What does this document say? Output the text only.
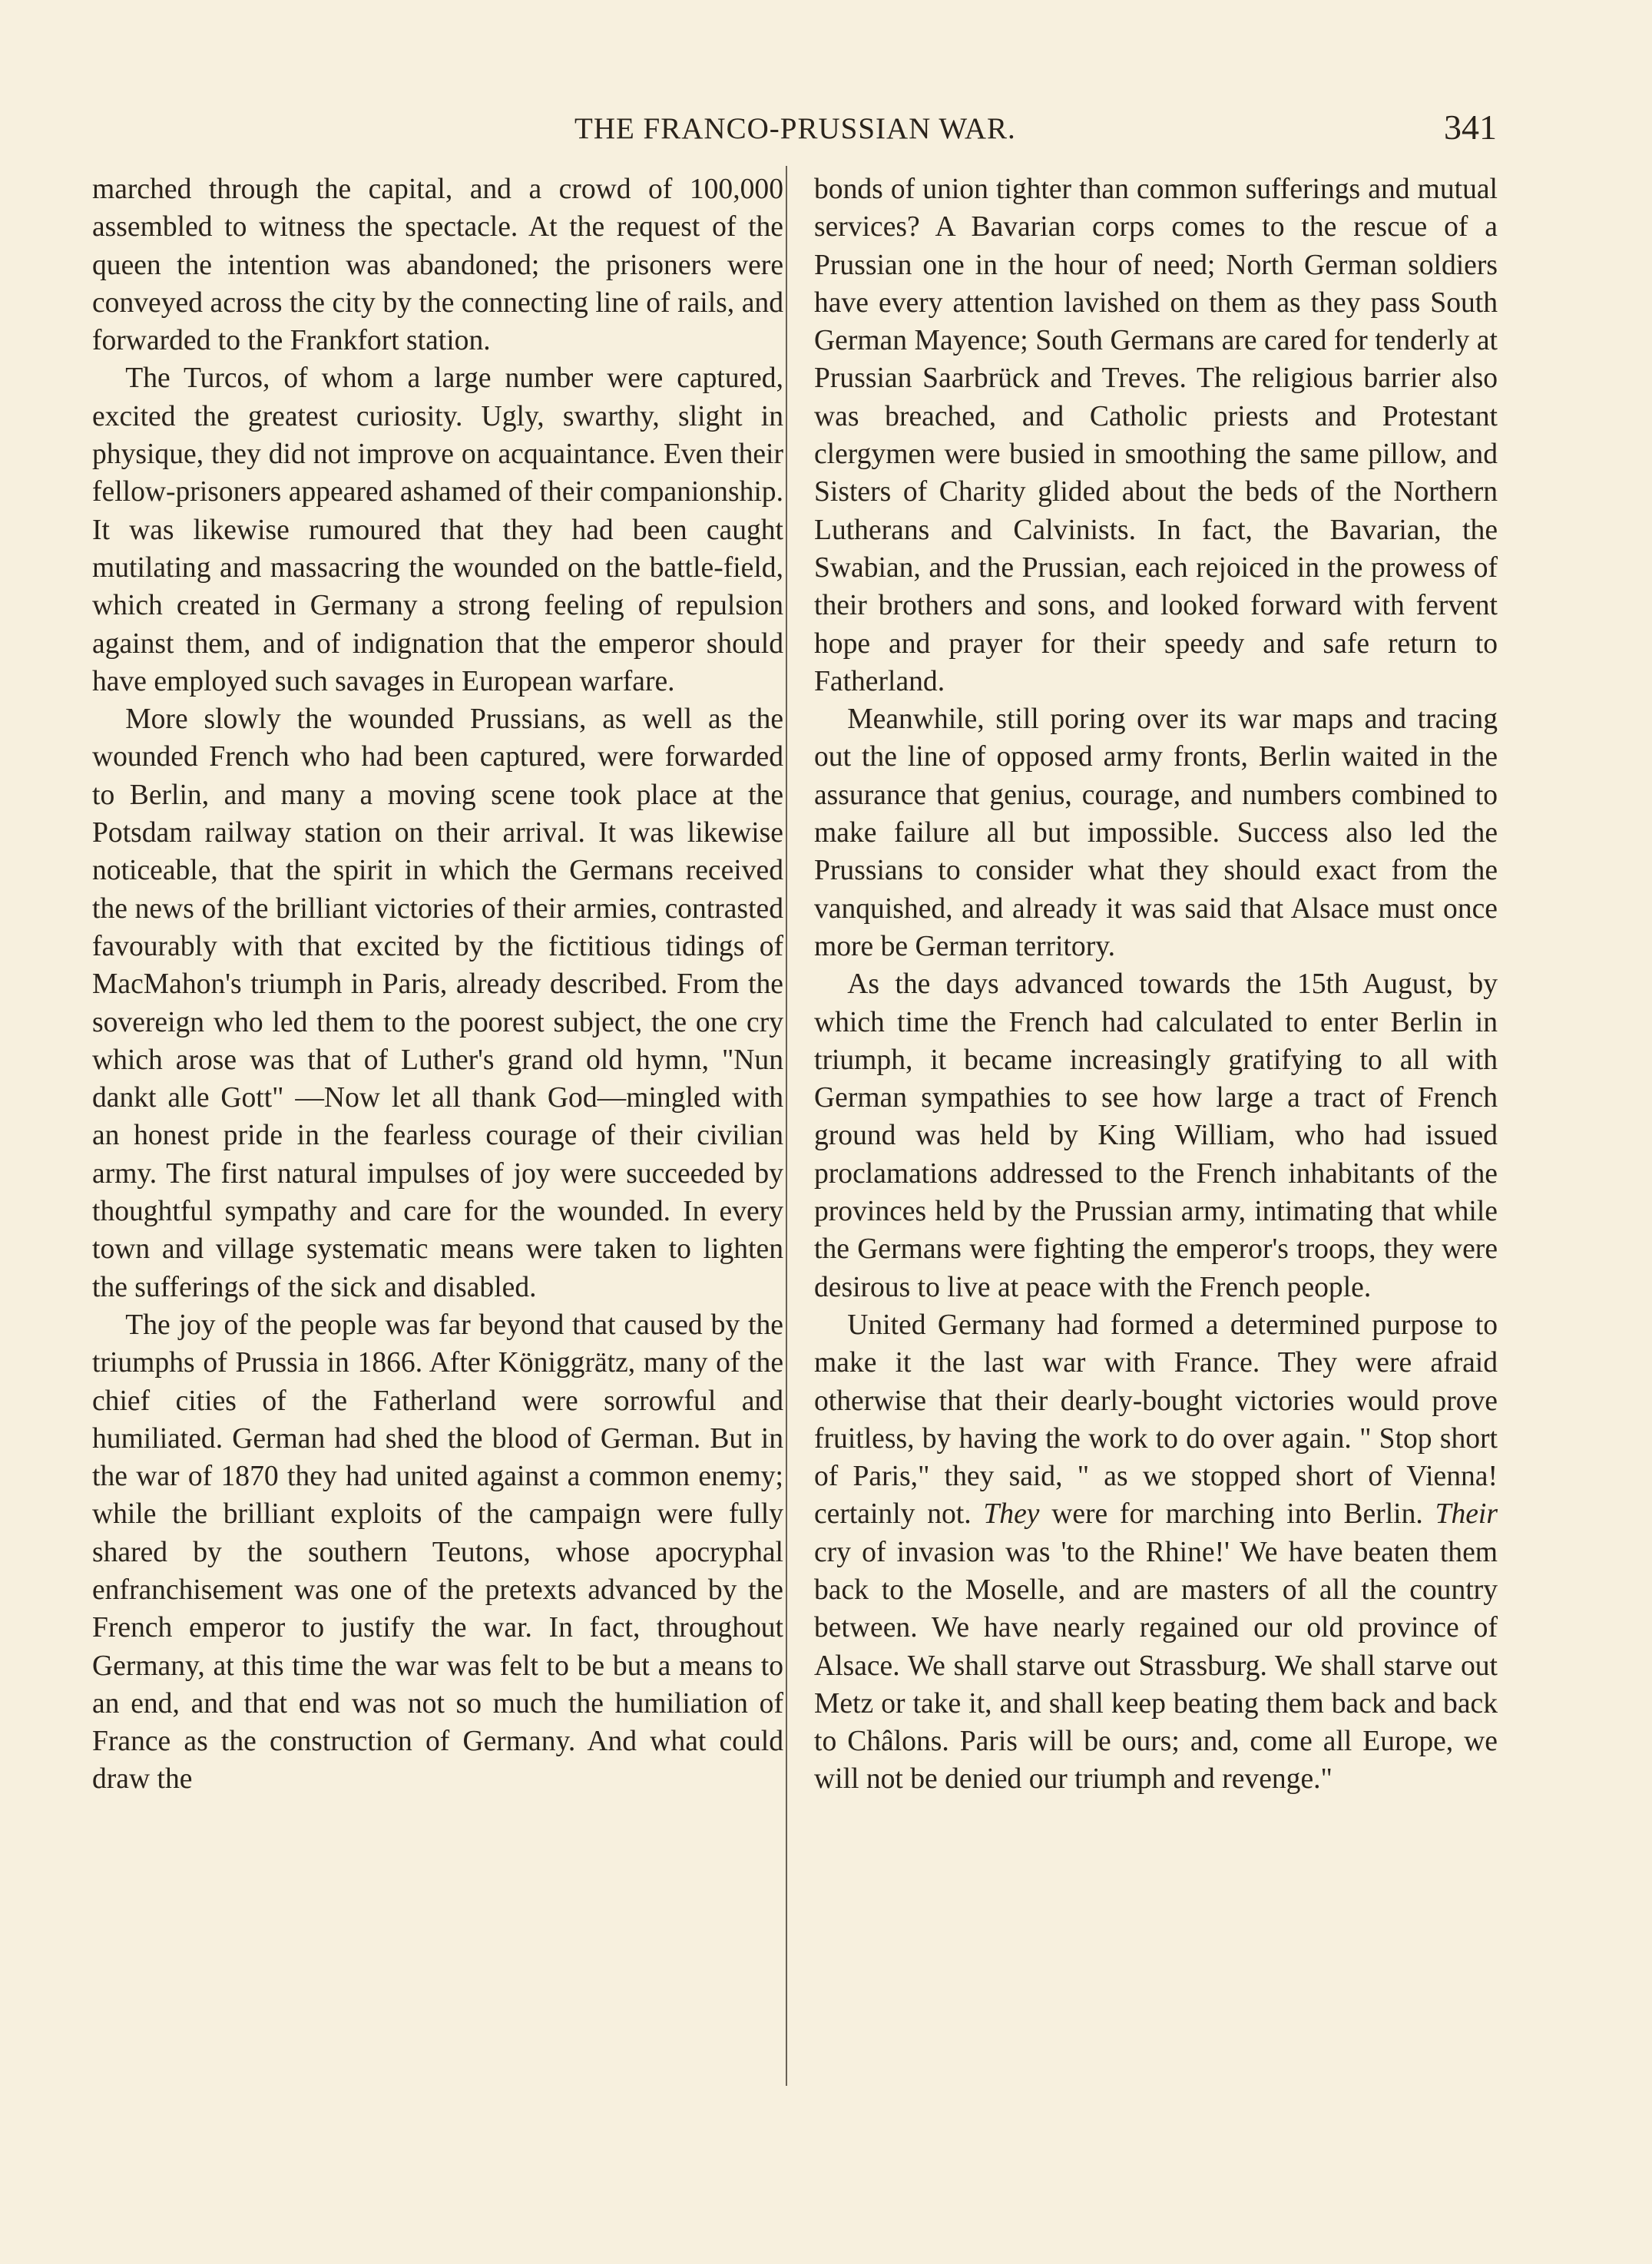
THE FRANCO-PRUSSIAN WAR.	341

marched through the capital, and a crowd of 100,000 assembled to witness the spectacle. At the request of the queen the intention was abandoned; the prisoners were conveyed across the city by the connecting line of rails, and forwarded to the Frankfort station.

The Turcos, of whom a large number were captured, excited the greatest curiosity. Ugly, swarthy, slight in physique, they did not improve on acquaintance. Even their fellow-prisoners appeared ashamed of their companionship. It was likewise rumoured that they had been caught mutilating and massacring the wounded on the battle-field, which created in Germany a strong feeling of repulsion against them, and of indignation that the emperor should have employed such savages in European warfare.

More slowly the wounded Prussians, as well as the wounded French who had been captured, were forwarded to Berlin, and many a moving scene took place at the Potsdam railway station on their arrival. It was likewise noticeable, that the spirit in which the Germans received the news of the brilliant victories of their armies, contrasted favourably with that excited by the fictitious tidings of MacMahon's triumph in Paris, already described. From the sovereign who led them to the poorest subject, the one cry which arose was that of Luther's grand old hymn, "Nun dankt alle Gott" —Now let all thank God—mingled with an honest pride in the fearless courage of their civilian army. The first natural impulses of joy were succeeded by thoughtful sympathy and care for the wounded. In every town and village systematic means were taken to lighten the sufferings of the sick and disabled.

The joy of the people was far beyond that caused by the triumphs of Prussia in 1866. After Königgrätz, many of the chief cities of the Fatherland were sorrowful and humiliated. German had shed the blood of German. But in the war of 1870 they had united against a common enemy; while the brilliant exploits of the campaign were fully shared by the southern Teutons, whose apocryphal enfranchisement was one of the pretexts advanced by the French emperor to justify the war. In fact, throughout Germany, at this time the war was felt to be but a means to an end, and that end was not so much the humiliation of France as the construction of Germany. And what could draw the

bonds of union tighter than common sufferings and mutual services? A Bavarian corps comes to the rescue of a Prussian one in the hour of need; North German soldiers have every attention lavished on them as they pass South German Mayence; South Germans are cared for tenderly at Prussian Saarbrück and Treves. The religious barrier also was breached, and Catholic priests and Protestant clergymen were busied in smoothing the same pillow, and Sisters of Charity glided about the beds of the Northern Lutherans and Calvinists. In fact, the Bavarian, the Swabian, and the Prussian, each rejoiced in the prowess of their brothers and sons, and looked forward with fervent hope and prayer for their speedy and safe return to Fatherland.

Meanwhile, still poring over its war maps and tracing out the line of opposed army fronts, Berlin waited in the assurance that genius, courage, and numbers combined to make failure all but impossible. Success also led the Prussians to consider what they should exact from the vanquished, and already it was said that Alsace must once more be German territory.

As the days advanced towards the 15th August, by which time the French had calculated to enter Berlin in triumph, it became increasingly gratifying to all with German sympathies to see how large a tract of French ground was held by King William, who had issued proclamations addressed to the French inhabitants of the provinces held by the Prussian army, intimating that while the Germans were fighting the emperor's troops, they were desirous to live at peace with the French people.

United Germany had formed a determined purpose to make it the last war with France. They were afraid otherwise that their dearly-bought victories would prove fruitless, by having the work to do over again. " Stop short of Paris," they said, " as we stopped short of Vienna! certainly not. They were for marching into Berlin. Their cry of invasion was 'to the Rhine!' We have beaten them back to the Moselle, and are masters of all the country between. We have nearly regained our old province of Alsace. We shall starve out Strassburg. We shall starve out Metz or take it, and shall keep beating them back and back to Châlons. Paris will be ours; and, come all Europe, we will not be denied our triumph and revenge."
